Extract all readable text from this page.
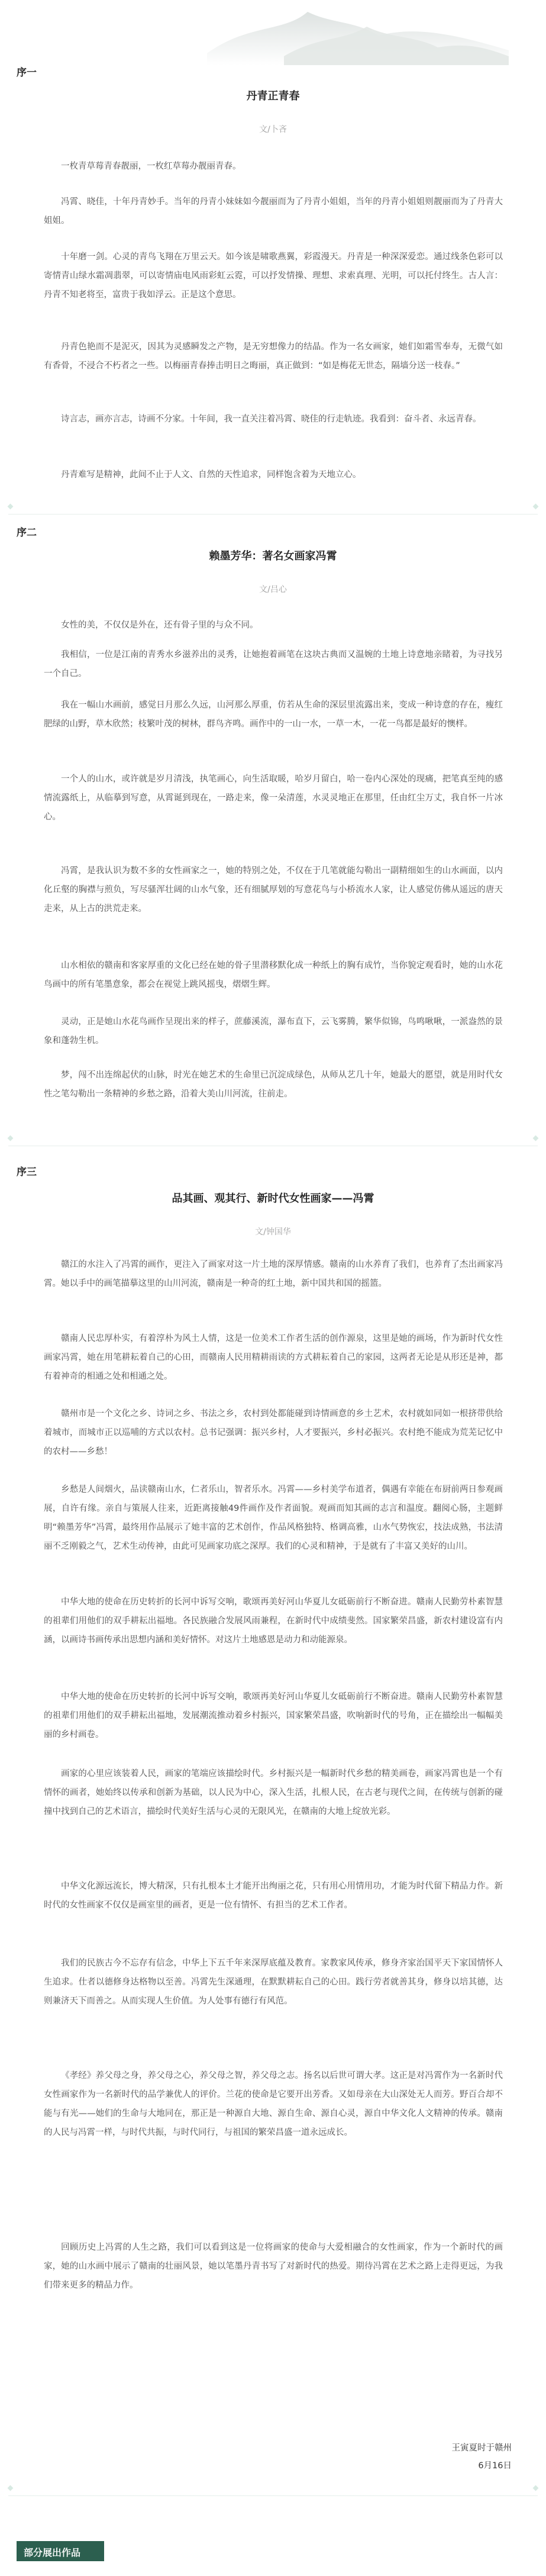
序一
丹青正青春
文/卜吝
一枚青草莓青春靓丽，一枚红草莓办靓丽青春。
冯霄、晓佳，十年丹青妙手。当年的丹青小妹妹如今靓丽而为了丹青小姐姐，当年的丹青小姐姐则靓丽而为了丹青大姐姐。
十年磨一剑。心灵的青鸟飞翔在万里云天。如今该是啸歌燕翼，彩霞漫天。丹青是一种深深爱恋。通过线条色彩可以寄情青山绿水霜凋翡翠，可以寄情庙电风雨彩虹云霓，可以抒发情操、理想、求索真理、光明，可以托付终生。古人言：丹青不知老将至，富贵于我如浮云。正是这个意思。
丹青色艳而不是泥灭，因其为灵感瞬发之产物，是无穷想像力的结晶。作为一名女画家，她们如霜雪奉寿，无微气如有香骨，不浸合不朽者之一些。以梅丽青春捧击明日之晦丽，真正做到：“如是梅花无世态，隔墙分送一枝春。”
诗言志，画亦言志，诗画不分家。十年间，我一直关注着冯霄、晓佳的行走轨迹。我看到：奋斗者、永远青春。
丹青难写是精神，此间不止于人文、自然的天性追求，同样饱含着为天地立心。
序二
赖墨芳华：著名女画家冯霄
文/吕心
女性的美，不仅仅是外在，还有骨子里的与众不同。
我相信，一位是江南的青秀水乡滋养出的灵秀，让她抱着画笔在这块古典而又温婉的土地上诗意地亲睹着，为寻找另一个自己。
我在一幅山水画前，感觉日月那么久远，山河那么厚重，仿若从生命的深层里流露出来，变成一种诗意的存在，瘦红肥绿的山野，草木欣然；枝繁叶茂的树林，群鸟齐鸣。画作中的一山一水，一草一木，一花一鸟都是最好的懊样。
一个人的山水，或许就是岁月清浅，执笔画心，向生活取暖，哈岁月留白，哈一卷内心深处的现痛，把笔真至纯的感情流露纸上，从临摹到写意，从霄诞到现在，一路走来，像一朵清莲，水灵灵地正在那里，任由红尘万丈，我自怀一片冰心。
冯霄，是我认识为数不多的女性画家之一，她的特别之处，不仅在于几笔就能勾勒出一副精细如生的山水画面，以内化丘壑的胸襟与煎负，写尽骚浑壮阔的山水气象，还有细腻厚划的写意花鸟与小桥流水人家，让人感觉仿佛从遥远的唐天走来，从上古的洪荒走来。
山水相依的赣南和客家厚重的文化已经在她的骨子里潜移默化成一种纸上的胸有成竹，当你貌定观看时，她的山水花鸟画中的所有笔墨意象，都会在视觉上跳风摇曳，熠熠生辉。
灵动，正是她山水花鸟画作呈现出来的样子，蔗藤溪流，瀑布直下，云飞雾腾，繁华似锦，鸟鸣啾啾，一派盎然的景象和蓬勃生机。
梦，闯不出连绵起伏的山脉，时光在她艺术的生命里已沉淀成绿色，从师从艺几十年，她最大的愿望，就是用时代女性之笔勾勒出一条精神的乡愁之路，沿着大美山川河流，往前走。
序三
品其画、观其行、新时代女性画家——冯霄
文/钟国华
赣江的水注入了冯霄的画作，更注入了画家对这一片土地的深厚情感。赣南的山水养育了我们，也养育了杰出画家冯霄。她以手中的画笔描摹这里的山川河流，赣南是一种奇的红土地，新中国共和国的摇篮。
赣南人民忠厚朴实，有着淳朴为风土人情，这是一位美术工作者生活的创作源泉，这里是她的画场，作为新时代女性画家冯霄，她在用笔耕耘着自己的心田，而赣南人民用精耕雨读的方式耕耘着自己的家园，这两者无论是从形还是神，都有着神奇的相通之处和相通之处。
赣州市是一个文化之乡、诗词之乡、书法之乡，农村到处都能碰到诗情画意的乡土艺术，农村就如同如一根挤带供给着城市，而城市正以巡哺的方式以农村。总书记强调：振兴乡村，人才要振兴，乡村必振兴。农村绝不能成为荒芜记忆中的农村——乡愁！
乡愁是人间烟火，品读赣南山水，仁者乐山，智者乐水。冯霄——乡村美学布道者，偶遇有幸能在布厨前两日参观画展，自许有缘。亲自与策展人往来，近距离接触49件画作及作者面貌。观画而知其画的志言和温度。翻阅心肠，主题鲜明“赖墨芳华”冯霄，最终用作品展示了她丰富的艺术创作，作品风格独特、格调高雅，山水气势恢宏，技法成熟，书法清丽不乏刚毅之气，艺术生动传神，由此可见画家功底之深厚。我们的心灵和精神，于是就有了丰富又美好的山川。
中华大地的使命在历史转折的长河中诉写交响，歌颂再美好河山华夏儿女砥砺前行不断奋进。赣南人民勤劳朴素智慧的祖辈们用他们的双手耕耘出福地。各民族融合发展风雨兼程，在新时代中成绩斐然。国家繁荣昌盛，新农村建设富有内涵，以画诗书画传承出思想内涵和美好情怀。对这片土地感恩是动力和动能源泉。
中华大地的使命在历史转折的长河中诉写交响，歌颂再美好河山华夏儿女砥砺前行不断奋进。赣南人民勤劳朴素智慧的祖辈们用他们的双手耕耘出福地，发展潮流推动着乡村振兴，国家繁荣昌盛，吹响新时代的号角，正在描绘出一幅幅美丽的乡村画卷。
画家的心里应该装着人民，画家的笔端应该描绘时代。乡村振兴是一幅新时代乡愁的精美画卷，画家冯霄也是一个有情怀的画者，她始终以传承和创新为基础，以人民为中心，深入生活，扎根人民，在古老与现代之间，在传统与创新的碰撞中找到自己的艺术语言，描绘时代美好生活与心灵的无限风光，在赣南的大地上绽放光彩。
中华文化源远流长，博大精深，只有扎根本土才能开出绚丽之花，只有用心用情用功，才能为时代留下精品力作。新时代的女性画家不仅仅是画室里的画者，更是一位有情怀、有担当的艺术工作者。
我们的民族古今不忘存有信念，中华上下五千年来深厚底蕴及教育。家教家风传承，修身齐家治国平天下家国情怀人生追求。仕者以德修身达格物以至善。冯霄先生深通理，在默默耕耘自己的心田。践行劳者就善其身，修身以培其德，达则兼济天下而善之。从而实现人生价值。为人处事有德行有风范。
《孝经》养父母之身，养父母之心，养父母之智，养父母之志。扬名以后世可谓大孝。这正是对冯霄作为一名新时代女性画家作为一名新时代的品学兼优人的评价。兰花的使命是它要开出芳香。又如母亲在大山深处无人而芳。野百合却不能与有光——她们的生命与大地同在，那正是一种源自大地、源自生命、源自心灵，源自中华文化人文精神的传承。赣南的人民与冯霄一样，与时代共振，与时代同行，与祖国的繁荣昌盛一道永远成长。
回顾历史上冯霄的人生之路，我们可以看到这是一位将画家的使命与大爱相融合的女性画家，作为一个新时代的画家，她的山水画中展示了赣南的壮丽风景，她以笔墨丹青书写了对新时代的热爱。期待冯霄在艺术之路上走得更远，为我们带来更多的精品力作。
王寅夏时于赣州
6月16日
部分展出作品
